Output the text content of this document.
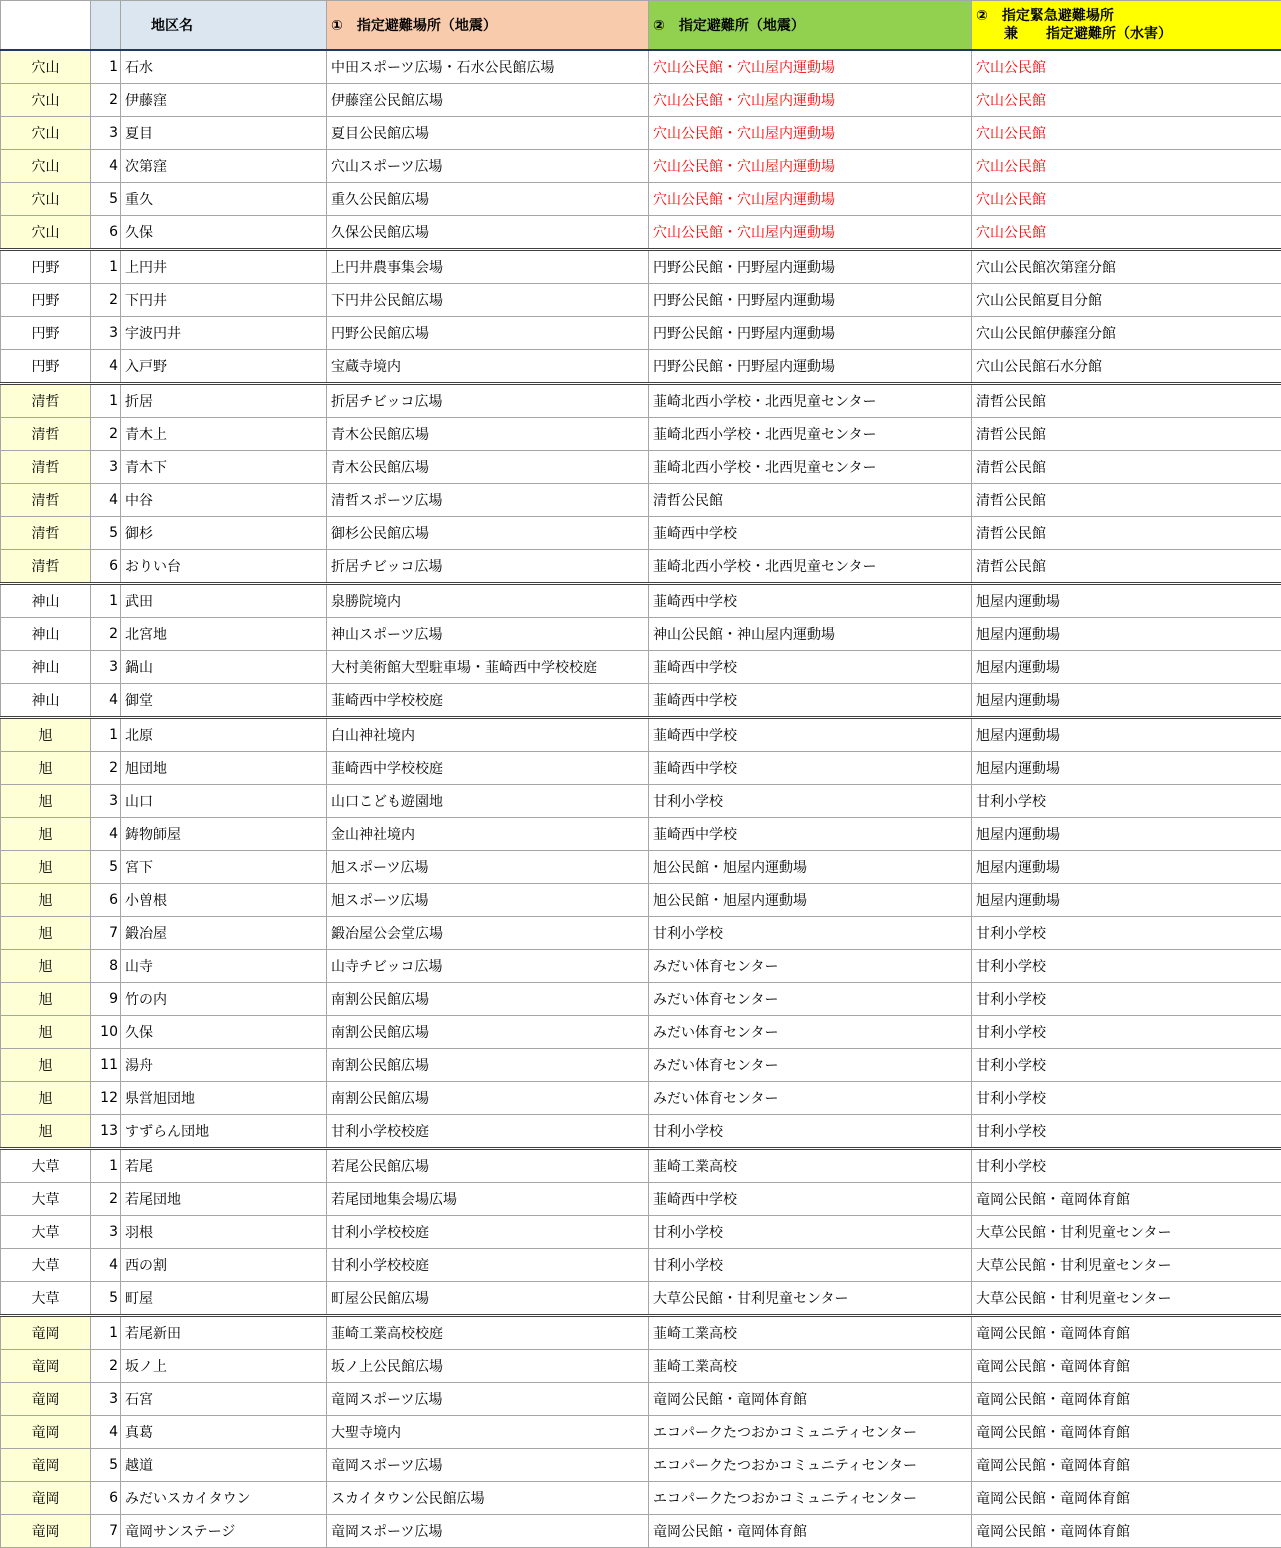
		地区名	①　指定避難場所（地震）	②　指定避難所（地震）	②　指定緊急避難場所
兼　　指定避難所（水害）

穴山	1	石水	中田スポーツ広場・石水公民館広場	穴山公民館・穴山屋内運動場	穴山公民館
穴山	2	伊藤窪	伊藤窪公民館広場	穴山公民館・穴山屋内運動場	穴山公民館
穴山	3	夏目	夏目公民館広場	穴山公民館・穴山屋内運動場	穴山公民館
穴山	4	次第窪	穴山スポーツ広場	穴山公民館・穴山屋内運動場	穴山公民館
穴山	5	重久	重久公民館広場	穴山公民館・穴山屋内運動場	穴山公民館
穴山	6	久保	久保公民館広場	穴山公民館・穴山屋内運動場	穴山公民館
円野	1	上円井	上円井農事集会場	円野公民館・円野屋内運動場	穴山公民館次第窪分館
円野	2	下円井	下円井公民館広場	円野公民館・円野屋内運動場	穴山公民館夏目分館
円野	3	宇波円井	円野公民館広場	円野公民館・円野屋内運動場	穴山公民館伊藤窪分館
円野	4	入戸野	宝蔵寺境内	円野公民館・円野屋内運動場	穴山公民館石水分館
清哲	1	折居	折居チビッコ広場	韮崎北西小学校・北西児童センター	清哲公民館
清哲	2	青木上	青木公民館広場	韮崎北西小学校・北西児童センター	清哲公民館
清哲	3	青木下	青木公民館広場	韮崎北西小学校・北西児童センター	清哲公民館
清哲	4	中谷	清哲スポーツ広場	清哲公民館	清哲公民館
清哲	5	御杉	御杉公民館広場	韮崎西中学校	清哲公民館
清哲	6	おりい台	折居チビッコ広場	韮崎北西小学校・北西児童センター	清哲公民館
神山	1	武田	泉勝院境内	韮崎西中学校	旭屋内運動場
神山	2	北宮地	神山スポーツ広場	神山公民館・神山屋内運動場	旭屋内運動場
神山	3	鍋山	大村美術館大型駐車場・韮崎西中学校校庭	韮崎西中学校	旭屋内運動場
神山	4	御堂	韮崎西中学校校庭	韮崎西中学校	旭屋内運動場
旭	1	北原	白山神社境内	韮崎西中学校	旭屋内運動場
旭	2	旭団地	韮崎西中学校校庭	韮崎西中学校	旭屋内運動場
旭	3	山口	山口こども遊園地	甘利小学校	甘利小学校
旭	4	鋳物師屋	金山神社境内	韮崎西中学校	旭屋内運動場
旭	5	宮下	旭スポーツ広場	旭公民館・旭屋内運動場	旭屋内運動場
旭	6	小曽根	旭スポーツ広場	旭公民館・旭屋内運動場	旭屋内運動場
旭	7	鍛冶屋	鍛冶屋公会堂広場	甘利小学校	甘利小学校
旭	8	山寺	山寺チビッコ広場	みだい体育センター	甘利小学校
旭	9	竹の内	南割公民館広場	みだい体育センター	甘利小学校
旭	10	久保	南割公民館広場	みだい体育センター	甘利小学校
旭	11	湯舟	南割公民館広場	みだい体育センター	甘利小学校
旭	12	県営旭団地	南割公民館広場	みだい体育センター	甘利小学校
旭	13	すずらん団地	甘利小学校校庭	甘利小学校	甘利小学校
大草	1	若尾	若尾公民館広場	韮崎工業高校	甘利小学校
大草	2	若尾団地	若尾団地集会場広場	韮崎西中学校	竜岡公民館・竜岡体育館
大草	3	羽根	甘利小学校校庭	甘利小学校	大草公民館・甘利児童センター
大草	4	西の割	甘利小学校校庭	甘利小学校	大草公民館・甘利児童センター
大草	5	町屋	町屋公民館広場	大草公民館・甘利児童センター	大草公民館・甘利児童センター
竜岡	1	若尾新田	韮崎工業高校校庭	韮崎工業高校	竜岡公民館・竜岡体育館
竜岡	2	坂ノ上	坂ノ上公民館広場	韮崎工業高校	竜岡公民館・竜岡体育館
竜岡	3	石宮	竜岡スポーツ広場	竜岡公民館・竜岡体育館	竜岡公民館・竜岡体育館
竜岡	4	真葛	大聖寺境内	エコパークたつおかコミュニティセンター	竜岡公民館・竜岡体育館
竜岡	5	越道	竜岡スポーツ広場	エコパークたつおかコミュニティセンター	竜岡公民館・竜岡体育館
竜岡	6	みだいスカイタウン	スカイタウン公民館広場	エコパークたつおかコミュニティセンター	竜岡公民館・竜岡体育館
竜岡	7	竜岡サンステージ	竜岡スポーツ広場	竜岡公民館・竜岡体育館	竜岡公民館・竜岡体育館
